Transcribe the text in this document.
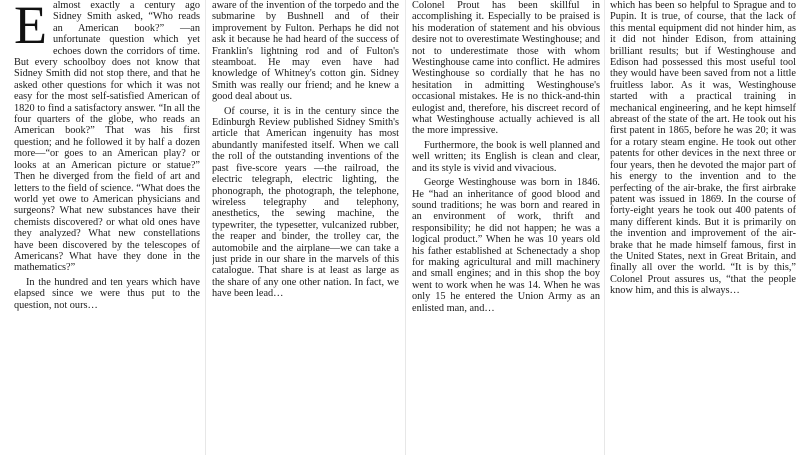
Ealmost exactly a century ago Sidney Smith asked, “Who reads an American book?” —an unfortunate question which yet echoes down the corridors of time. But every schoolboy does not know that Sidney Smith did not stop there, and that he asked other questions for which it was not easy for the most self-satisfied American of 1820 to find a satisfactory answer. “In all the four quarters of the globe, who reads an American book?” That was his first question; and he followed it by half a dozen more—“or goes to an American play? or looks at an American picture or statue?” Then he diverged from the field of art and letters to the field of science. “What does the world yet owe to American physicians and surgeons? What new substances have their chemists discovered? or what old ones have they analyzed? What new constellations have been discovered by the telescopes of Americans? What have they done in the mathematics?”

In the hundred and ten years which have elapsed since we were thus put to the question, not ours…

aware of the invention of the torpedo and the submarine by Bushnell and of their improvement by Fulton. Perhaps he did not ask it because he had heard of the success of Franklin's lightning rod and of Fulton's steamboat. He may even have had knowledge of Whitney's cotton gin. Sidney Smith was really our friend; and he knew a good deal about us.

Of course, it is in the century since the Edinburgh Review published Sidney Smith's article that American ingenuity has most abundantly manifested itself. When we call the roll of the outstanding inventions of the past five-score years —the railroad, the electric telegraph, electric lighting, the phonograph, the photograph, the telephone, wireless telegraphy and telephony, anesthetics, the sewing machine, the typewriter, the typesetter, vulcanized rubber, the reaper and binder, the trolley car, the automobile and the airplane—we can take a just pride in our share in the marvels of this catalogue. That share is at least as large as the share of any one other nation. In fact, we have been lead…

Colonel Prout has been skillful in accomplishing it. Especially to be praised is his moderation of statement and his obvious desire not to overestimate Westinghouse; and not to underestimate those with whom Westinghouse came into conflict. He admires Westinghouse so cordially that he has no hesitation in admitting Westinghouse's occasional mistakes. He is no thick-and-thin eulogist and, therefore, his discreet record of what Westinghouse actually achieved is all the more impressive.

Furthermore, the book is well planned and well written; its English is clean and clear, and its style is vivid and vivacious.

George Westinghouse was born in 1846. He “had an inheritance of good blood and sound traditions; he was born and reared in an environment of work, thrift and responsibility; he did not happen; he was a logical product.” When he was 10 years old his father established at Schenectady a shop for making agricultural and mill machinery and small engines; and in this shop the boy went to work when he was 14. When he was only 15 he entered the Union Army as an enlisted man, and…

which has been so helpful to Sprague and to Pupin. It is true, of course, that the lack of this mental equipment did not hinder him, as it did not hinder Edison, from attaining brilliant results; but if Westinghouse and Edison had possessed this most useful tool they would have been saved from not a little fruitless labor. As it was, Westinghouse started with a practical training in mechanical engineering, and he kept himself abreast of the state of the art. He took out his first patent in 1865, before he was 20; it was for a rotary steam engine. He took out other patents for other devices in the next three or four years, then he devoted the major part of his energy to the invention and to the perfecting of the air-brake, the first airbrake patent was issued in 1869. In the course of forty-eight years he took out 400 patents of many different kinds. But it is primarily on the invention and improvement of the air-brake that he made himself famous, first in the United States, next in Great Britain, and finally all over the world. “It is by this,” Colonel Prout assures us, “that the people know him, and this is always…
